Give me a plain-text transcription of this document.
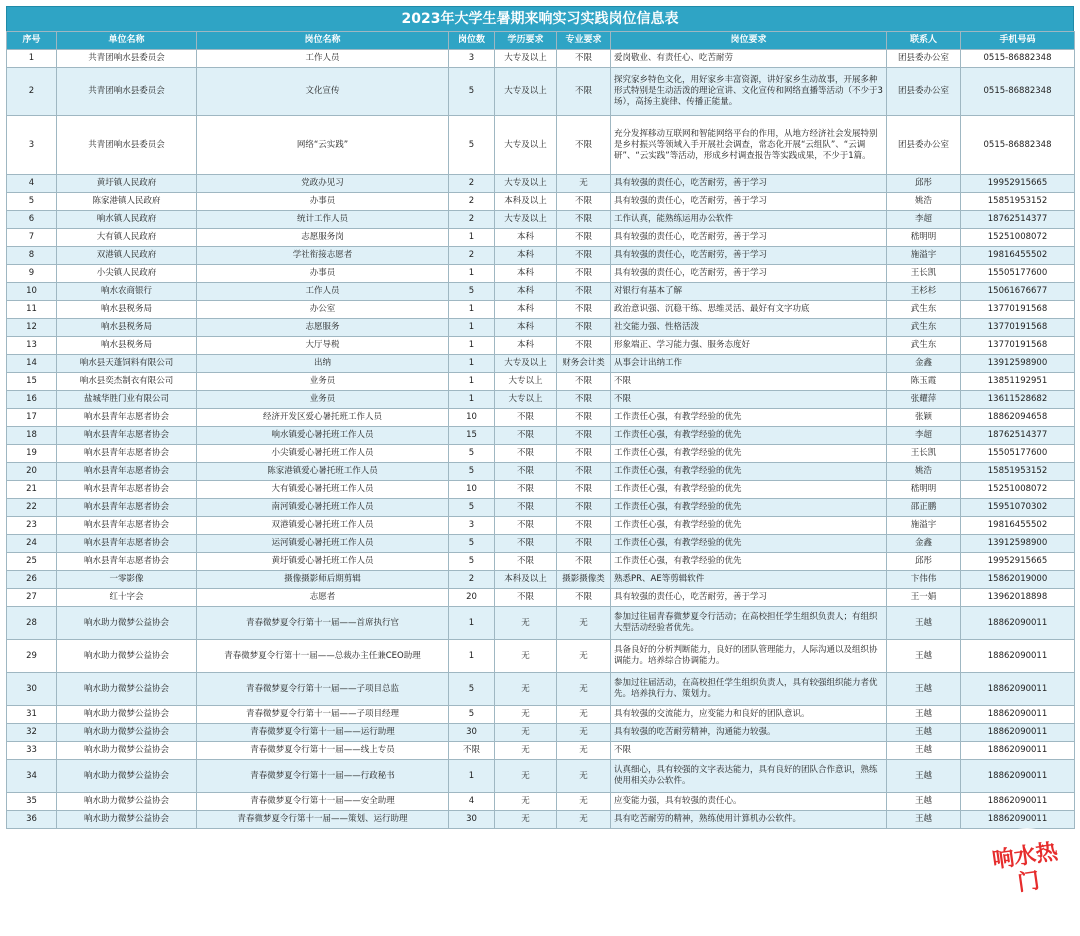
2023年大学生暑期来响实习实践岗位信息表
序号	单位名称	岗位名称	岗位数	学历要求	专业要求	岗位要求	联系人	手机号码
1	共青团响水县委员会	工作人员	3	大专及以上	不限	爱岗敬业、有责任心、吃苦耐劳	团县委办公室	0515-86882348
2	共青团响水县委员会	文化宣传	5	大专及以上	不限	探究家乡特色文化，用好家乡丰富资源，讲好家乡生动故事，开展多种形式特别是生动活泼的理论宣讲、文化宣传和网络直播等活动（不少于3场），高扬主旋律、传播正能量。	团县委办公室	0515-86882348
3	共青团响水县委员会	网络“云实践”	5	大专及以上	不限	充分发挥移动互联网和智能网络平台的作用，从地方经济社会发展特别是乡村振兴等领域入手开展社会调查，常态化开展“云组队”、“云调研”、“云实践”等活动，形成乡村调查报告等实践成果，不少于1篇。	团县委办公室	0515-86882348
4	黄圩镇人民政府	党政办见习	2	大专及以上	无	具有较强的责任心，吃苦耐劳，善于学习	邱彤	19952915665
5	陈家港镇人民政府	办事员	2	本科及以上	不限	具有较强的责任心，吃苦耐劳，善于学习	姚浩	15851953152
6	响水镇人民政府	统计工作人员	2	大专及以上	不限	工作认真，能熟练运用办公软件	李超	18762514377
7	大有镇人民政府	志愿服务岗	1	本科	不限	具有较强的责任心，吃苦耐劳，善于学习	嵇明明	15251008072
8	双港镇人民政府	学社衔接志愿者	2	本科	不限	具有较强的责任心，吃苦耐劳，善于学习	施溢宇	19816455502
9	小尖镇人民政府	办事员	1	本科	不限	具有较强的责任心，吃苦耐劳，善于学习	王长凯	15505177600
10	响水农商银行	工作人员	5	本科	不限	对银行有基本了解	王杉杉	15061676677
11	响水县税务局	办公室	1	本科	不限	政治意识强、沉稳干练、思维灵活、最好有文字功底	武生东	13770191568
12	响水县税务局	志愿服务	1	本科	不限	社交能力强、性格活泼	武生东	13770191568
13	响水县税务局	大厅导税	1	本科	不限	形象端正、学习能力强、服务态度好	武生东	13770191568
14	响水县天蓬饲料有限公司	出纳	1	大专及以上	财务会计类	从事会计出纳工作	金鑫	13912598900
15	响水县奕杰制衣有限公司	业务员	1	大专以上	不限	不限	陈玉霞	13851192951
16	盐城华胜门业有限公司	业务员	1	大专以上	不限	不限	张耀萍	13611528682
17	响水县青年志愿者协会	经济开发区爱心暑托班工作人员	10	不限	不限	工作责任心强，有教学经验的优先	张颖	18862094658
18	响水县青年志愿者协会	响水镇爱心暑托班工作人员	15	不限	不限	工作责任心强，有教学经验的优先	李超	18762514377
19	响水县青年志愿者协会	小尖镇爱心暑托班工作人员	5	不限	不限	工作责任心强，有教学经验的优先	王长凯	15505177600
20	响水县青年志愿者协会	陈家港镇爱心暑托班工作人员	5	不限	不限	工作责任心强，有教学经验的优先	姚浩	15851953152
21	响水县青年志愿者协会	大有镇爱心暑托班工作人员	10	不限	不限	工作责任心强，有教学经验的优先	嵇明明	15251008072
22	响水县青年志愿者协会	南河镇爱心暑托班工作人员	5	不限	不限	工作责任心强，有教学经验的优先	邵正鹏	15951070302
23	响水县青年志愿者协会	双港镇爱心暑托班工作人员	3	不限	不限	工作责任心强，有教学经验的优先	施溢宇	19816455502
24	响水县青年志愿者协会	运河镇爱心暑托班工作人员	5	不限	不限	工作责任心强，有教学经验的优先	金鑫	13912598900
25	响水县青年志愿者协会	黄圩镇爱心暑托班工作人员	5	不限	不限	工作责任心强，有教学经验的优先	邱彤	19952915665
26	一零影像	摄像摄影师后期剪辑	2	本科及以上	摄影摄像类	熟悉PR、AE等剪辑软件	卞伟伟	15862019000
27	红十字会	志愿者	20	不限	不限	具有较强的责任心，吃苦耐劳，善于学习	王一娟	13962018898
28	响水助力微梦公益协会	青春微梦夏令行第十一届——首席执行官	1	无	无	参加过往届青春微梦夏令行活动；在高校担任学生组织负责人；有组织大型活动经验者优先。	王越	18862090011
29	响水助力微梦公益协会	青春微梦夏令行第十一届——总裁办主任兼CEO助理	1	无	无	具备良好的分析判断能力，良好的团队管理能力，人际沟通以及组织协调能力。培养综合协调能力。	王越	18862090011
30	响水助力微梦公益协会	青春微梦夏令行第十一届——子项目总监	5	无	无	参加过往届活动，在高校担任学生组织负责人，具有较强组织能力者优先。培养执行力、策划力。	王越	18862090011
31	响水助力微梦公益协会	青春微梦夏令行第十一届——子项目经理	5	无	无	具有较强的交流能力，应变能力和良好的团队意识。	王越	18862090011
32	响水助力微梦公益协会	青春微梦夏令行第十一届——运行助理	30	无	无	具有较强的吃苦耐劳精神，沟通能力较强。	王越	18862090011
33	响水助力微梦公益协会	青春微梦夏令行第十一届——线上专员	不限	无	无	不限	王越	18862090011
34	响水助力微梦公益协会	青春微梦夏令行第十一届——行政秘书	1	无	无	认真细心，具有较强的文字表达能力，具有良好的团队合作意识，熟练使用相关办公软件。	王越	18862090011
35	响水助力微梦公益协会	青春微梦夏令行第十一届——安全助理	4	无	无	应变能力强，具有较强的责任心。	王越	18862090011
36	响水助力微梦公益协会	青春微梦夏令行第十一届——策划、运行助理	30	无	无	具有吃苦耐劳的精神，熟练使用计算机办公软件。	王越	18862090011
响水热门
